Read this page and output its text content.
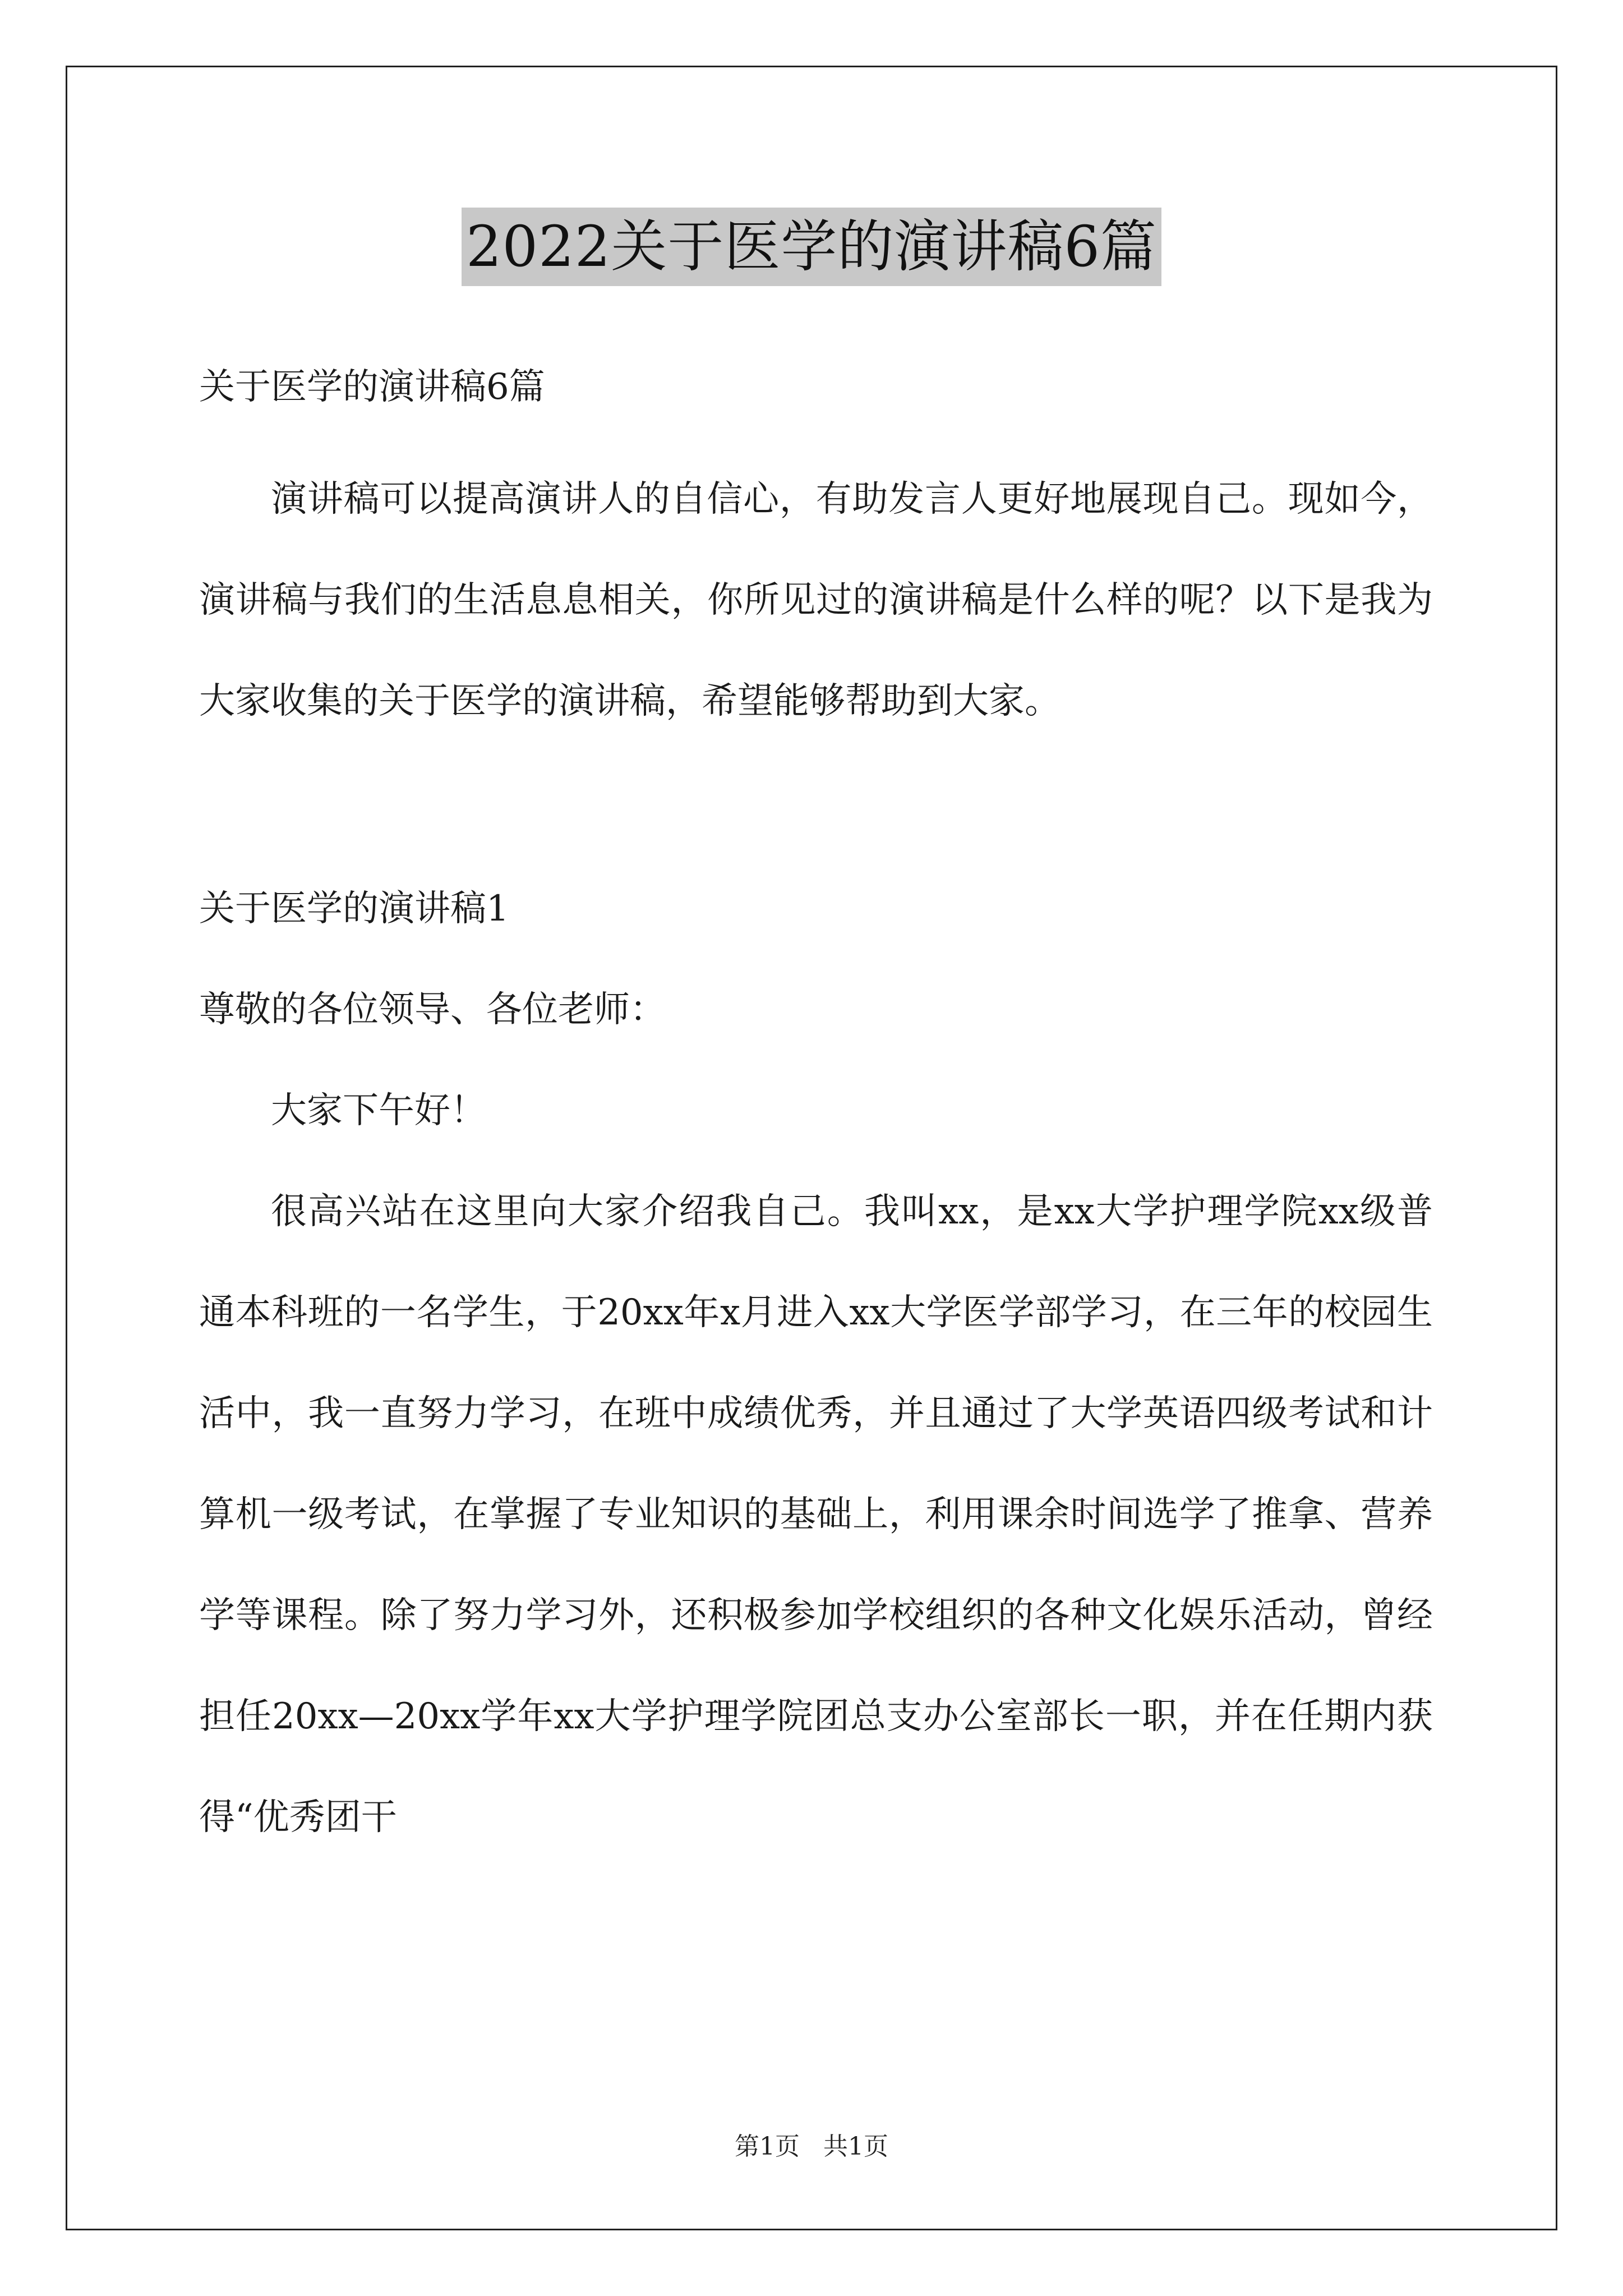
2022关于医学的演讲稿6篇

关于医学的演讲稿6篇

演讲稿可以提高演讲人的自信心，有助发言人更好地展现自己。现如今，演讲稿与我们的生活息息相关，你所见过的演讲稿是什么样的呢？以下是我为大家收集的关于医学的演讲稿，希望能够帮助到大家。

关于医学的演讲稿1

尊敬的各位领导、各位老师：

大家下午好！

很高兴站在这里向大家介绍我自己。我叫xx，是xx大学护理学院xx级普通本科班的一名学生，于20xx年x月进入xx大学医学部学习，在三年的校园生活中，我一直努力学习，在班中成绩优秀，并且通过了大学英语四级考试和计算机一级考试，在掌握了专业知识的基础上，利用课余时间选学了推拿、营养学等课程。除了努力学习外，还积极参加学校组织的各种文化娱乐活动，曾经担任20xx—20xx学年xx大学护理学院团总支办公室部长一职，并在任期内获得“优秀团干

第1页 共1页
